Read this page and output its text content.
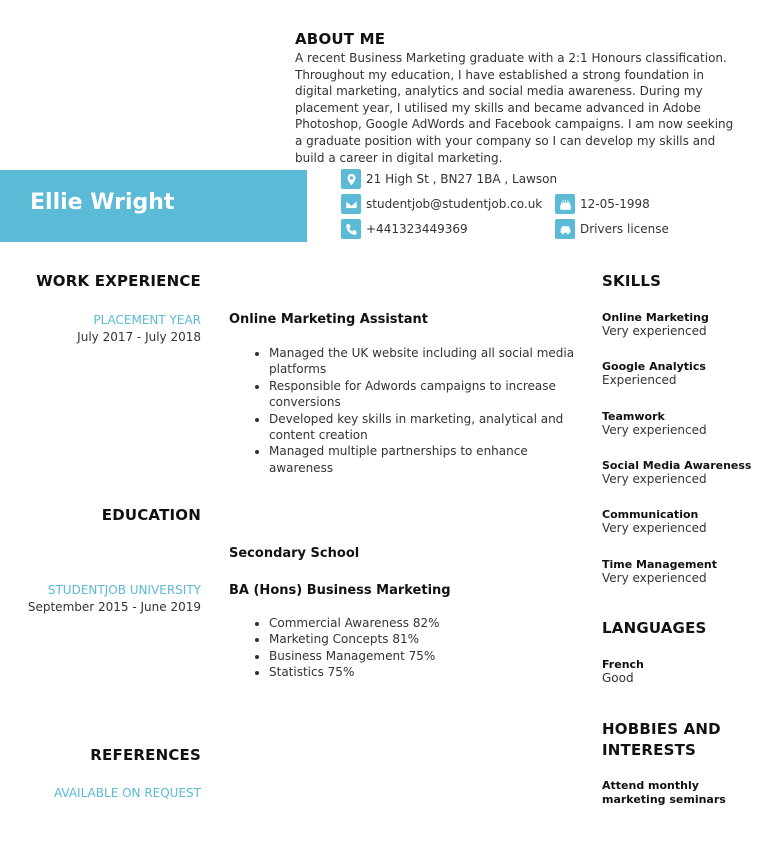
ABOUT ME
A recent Business Marketing graduate with a 2:1 Honours classification. Throughout my education, I have established a strong foundation in digital marketing, analytics and social media awareness. During my placement year, I utilised my skills and became advanced in Adobe Photoshop, Google AdWords and Facebook campaigns. I am now seeking a graduate position with your company so I can develop my skills and build a career in digital marketing.
Ellie Wright
21 High St , BN27 1BA , Lawson
studentjob@studentjob.co.uk
+441323449369
12-05-1998
Drivers license
WORK EXPERIENCE
PLACEMENT YEAR
July 2017 - July 2018
Online Marketing Assistant
• Managed the UK website including all social media platforms
• Responsible for Adwords campaigns to increase conversions
• Developed key skills in marketing, analytical and content creation
• Managed multiple partnerships to enhance awareness
EDUCATION
Secondary School
STUDENTJOB UNIVERSITY
September 2015 - June 2019
BA (Hons) Business Marketing
• Commercial Awareness 82%
• Marketing Concepts 81%
• Business Management 75%
• Statistics 75%
REFERENCES
AVAILABLE ON REQUEST
SKILLS
Online Marketing
Very experienced
Google Analytics
Experienced
Teamwork
Very experienced
Social Media Awareness
Very experienced
Communication
Very experienced
Time Management
Very experienced
LANGUAGES
French
Good
HOBBIES AND
INTERESTS
Attend monthly
marketing seminars
